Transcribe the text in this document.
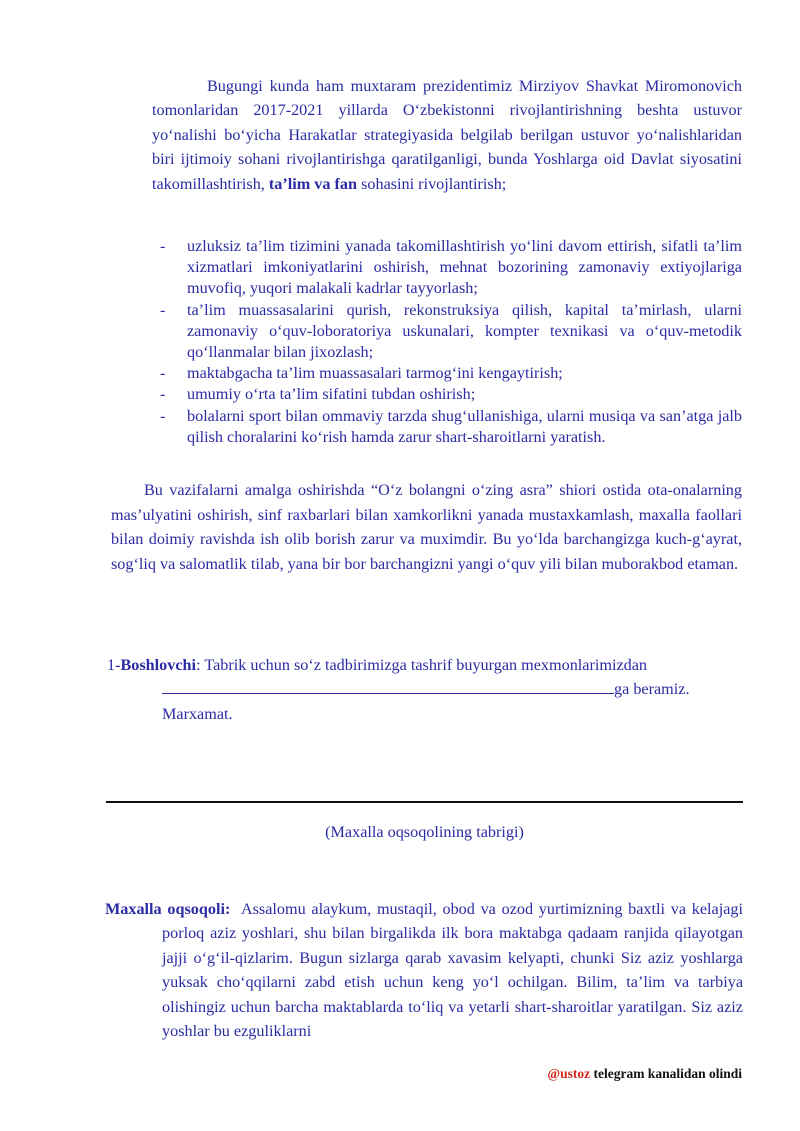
Bugungi kunda ham muxtaram prezidentimiz Mirziyov Shavkat Miromonovich tomonlaridan 2017-2021 yillarda O‘zbekistonni rivojlantirishning beshta ustuvor yo‘nalishi bo‘yicha Harakatlar strategiyasida belgilab berilgan ustuvor yo‘nalishlaridan biri ijtimoiy sohani rivojlantirishga qaratilganligi, bunda Yoshlarga oid Davlat siyosatini takomillashtirish, ta’lim va fan sohasini rivojlantirish;

- uzluksiz ta’lim tizimini yanada takomillashtirish yo‘lini davom ettirish, sifatli ta’lim xizmatlari imkoniyatlarini oshirish, mehnat bozorining zamonaviy extiyojlariga muvofiq, yuqori malakali kadrlar tayyorlash;
- ta’lim muassasalarini qurish, rekonstruksiya qilish, kapital ta’mirlash, ularni zamonaviy o‘quv-loboratoriya uskunalari, kompter texnikasi va o‘quv-metodik qo‘llanmalar bilan jixozlash;
- maktabgacha ta’lim muassasalari tarmog‘ini kengaytirish;
- umumiy o‘rta ta’lim sifatini tubdan oshirish;
- bolalarni sport bilan ommaviy tarzda shug‘ullanishiga, ularni musiqa va san’atga jalb qilish choralarini ko‘rish hamda zarur shart-sharoitlarni yaratish.

Bu vazifalarni amalga oshirishda “O‘z bolangni o‘zing asra” shiori ostida ota-onalarning mas’ulyatini oshirish, sinf raxbarlari bilan xamkorlikni yanada mustaxkamlash, maxalla faollari bilan doimiy ravishda ish olib borish zarur va muximdir. Bu yo‘lda barchangizga kuch-g‘ayrat, sog‘liq va salomatlik tilab, yana bir bor barchangizni yangi o‘quv yili bilan muborakbod etaman.

1-Boshlovchi: Tabrik uchun so‘z tadbirimizga tashrif buyurgan mexmonlarimizdan
ga beramiz.
Marxamat.
(Maxalla oqsoqolining tabrigi)

Maxalla oqsoqoli: Assalomu alaykum, mustaqil, obod va ozod yurtimizning baxtli va kelajagi porloq aziz yoshlari, shu bilan birgalikda ilk bora maktabga qadaam ranjida qilayotgan jajji o‘g‘il-qizlarim. Bugun sizlarga qarab xavasim kelyapti, chunki Siz aziz yoshlarga yuksak cho‘qqilarni zabd etish uchun keng yo‘l ochilgan. Bilim, ta’lim va tarbiya olishingiz uchun barcha maktablarda to‘liq va yetarli shart-sharoitlar yaratilgan. Siz aziz yoshlar bu ezguliklarni

@ustoz telegram kanalidan olindi
